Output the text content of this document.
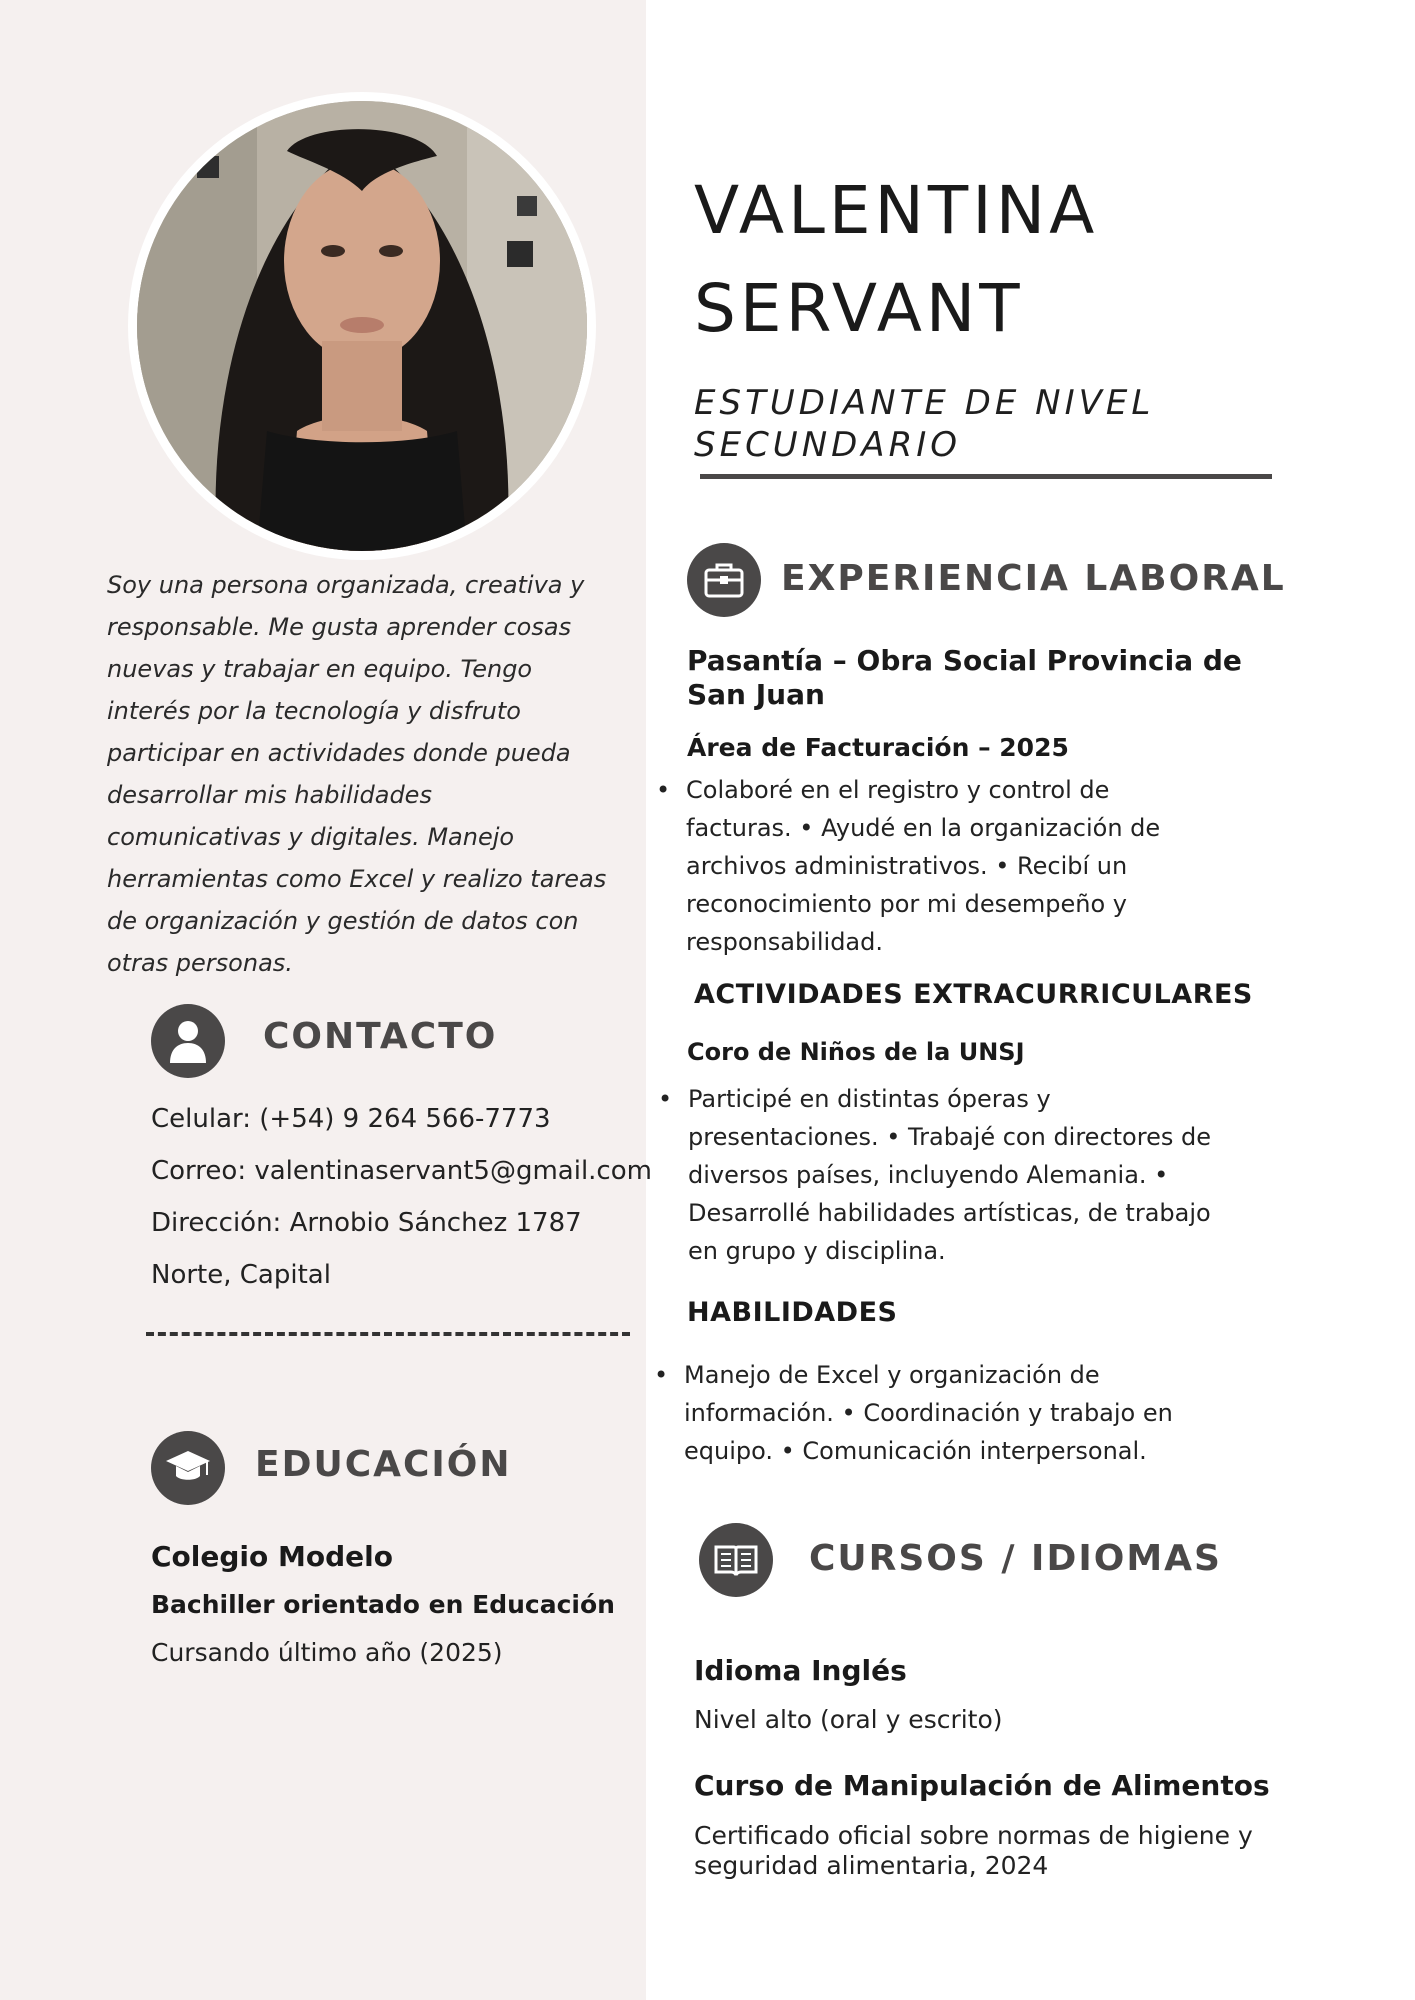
Soy una persona organizada, creativa y responsable. Me gusta aprender cosas nuevas y trabajar en equipo. Tengo interés por la tecnología y disfruto participar en actividades donde pueda desarrollar mis habilidades comunicativas y digitales. Manejo herramientas como Excel y realizo tareas de organización y gestión de datos con otras personas.

CONTACTO
Celular: (+54) 9 264 566-7773
Correo: valentinaservant5@gmail.com
Dirección: Arnobio Sánchez 1787
Norte, Capital
EDUCACIÓN
Colegio Modelo
Bachiller orientado en Educación
Cursando último año (2025)
VALENTINA
SERVANT
ESTUDIANTE DE NIVEL SECUNDARIO
EXPERIENCIA LABORAL
Pasantía – Obra Social Provincia de San Juan
Área de Facturación – 2025
• Colaboré en el registro y control de facturas. • Ayudé en la organización de archivos administrativos. • Recibí un reconocimiento por mi desempeño y responsabilidad.
ACTIVIDADES EXTRACURRICULARES
Coro de Niños de la UNSJ
• Participé en distintas óperas y presentaciones. • Trabajé con directores de diversos países, incluyendo Alemania. • Desarrollé habilidades artísticas, de trabajo en grupo y disciplina.
HABILIDADES
• Manejo de Excel y organización de información. • Coordinación y trabajo en equipo. • Comunicación interpersonal.
CURSOS / IDIOMAS
Idioma Inglés
Nivel alto (oral y escrito)
Curso de Manipulación de Alimentos
Certificado oficial sobre normas de higiene y seguridad alimentaria, 2024
